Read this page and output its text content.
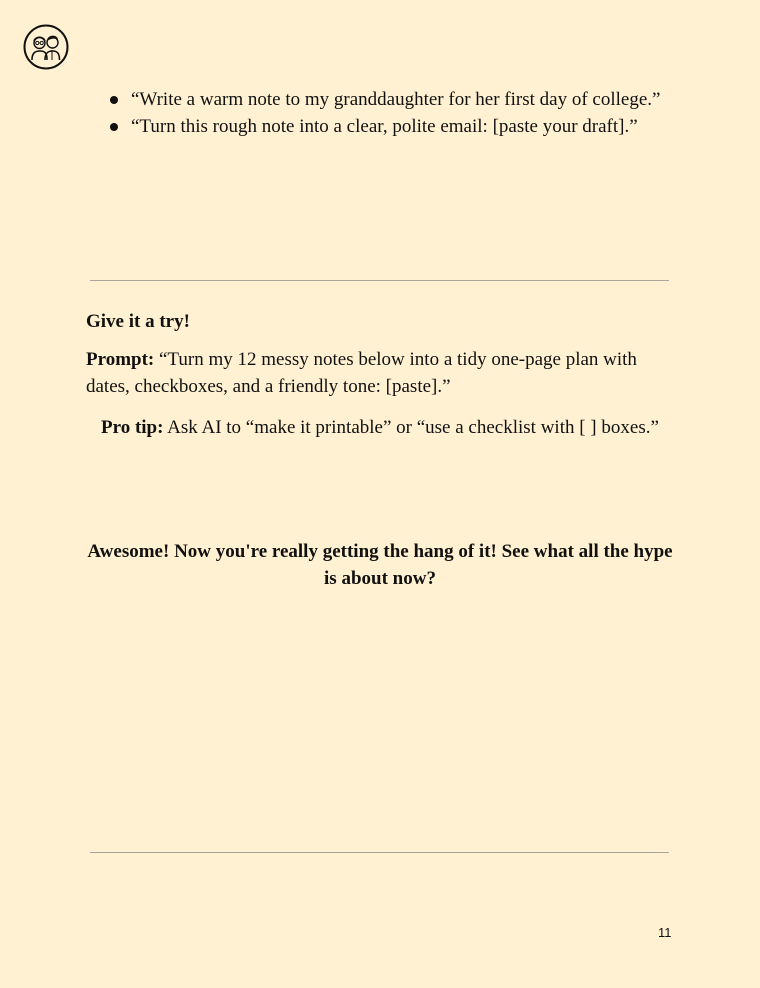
“Write a warm note to my granddaughter for her first day of college.”
“Turn this rough note into a clear, polite email: [paste your draft].”
Give it a try!
Prompt: “Turn my 12 messy notes below into a tidy one‑page plan with dates, checkboxes, and a friendly tone: [paste].”
Pro tip: Ask AI to “make it printable” or “use a checklist with [ ] boxes.”
Awesome! Now you're really getting the hang of it! See what all the hype is about now?
11
